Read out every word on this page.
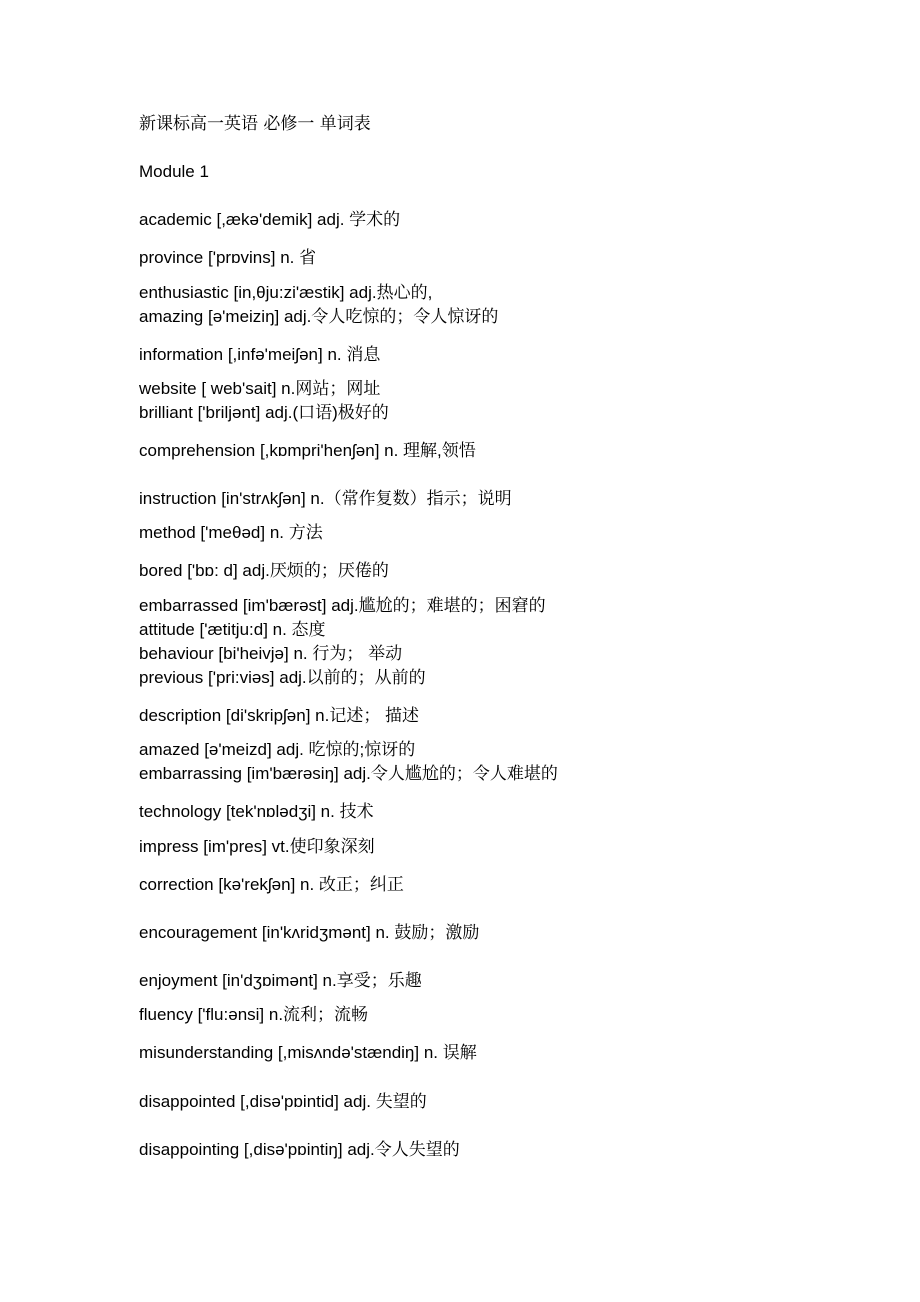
新课标高一英语 必修一 单词表
Module 1
academic [,ækə'demik] adj. 学术的
province ['prɒvins] n. 省
enthusiastic [in,θju:zi'æstik] adj.热心的,
amazing [ə'meiziŋ] adj.令人吃惊的；令人惊讶的
information [,infə'meiʃən] n. 消息
website [ web'sait] n.网站；网址
brilliant ['briljənt] adj.(口语)极好的
comprehension [,kɒmpri'henʃən] n. 理解,领悟
instruction [in'strʌkʃən] n.（常作复数）指示；说明
method ['meθəd] n. 方法
bored ['bɒ: d] adj.厌烦的；厌倦的
embarrassed [im'bærəst] adj.尴尬的；难堪的；困窘的
attitude ['ætitju:d] n. 态度
behaviour [bi'heivjə] n. 行为； 举动
previous ['pri:viəs] adj.以前的；从前的
description [di'skripʃən] n.记述； 描述
amazed [ə'meizd] adj. 吃惊的;惊讶的
embarrassing [im'bærəsiŋ] adj.令人尴尬的；令人难堪的
technology [tek'nɒlədʒi] n. 技术
impress [im'pres] vt.使印象深刻
correction [kə'rekʃən] n. 改正；纠正
encouragement [in'kʌridʒmənt] n. 鼓励；激励
enjoyment [in'dʒɒimənt] n.享受；乐趣
fluency ['flu:ənsi] n.流利；流畅
misunderstanding [,misʌndə'stændiŋ] n. 误解
disappointed [,disə'pɒintid] adj. 失望的
disappointing [,disə'pɒintiŋ] adj.令人失望的
